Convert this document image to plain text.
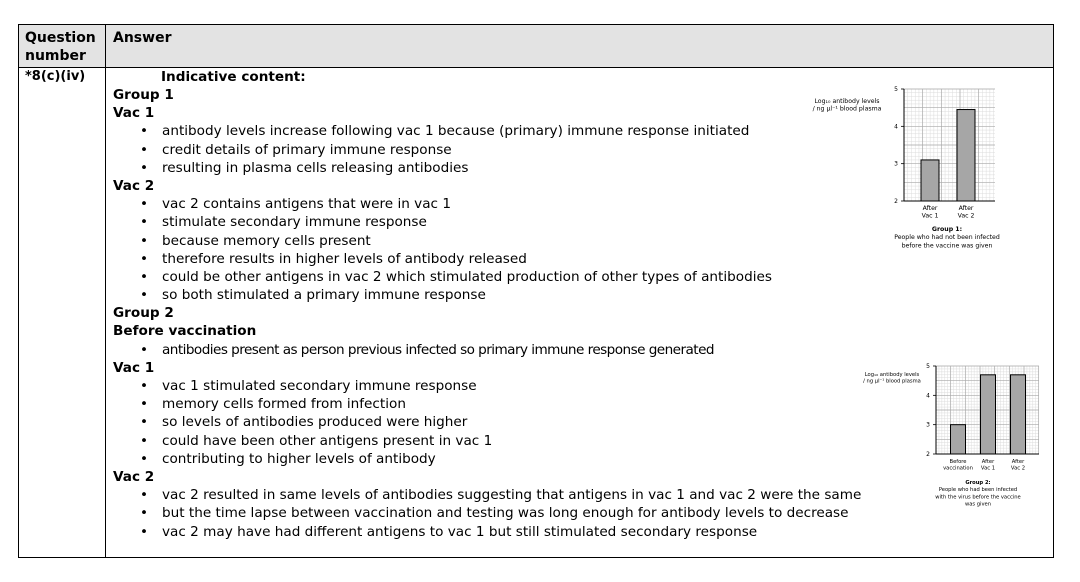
Question number
Answer
*8(c)(iv)	Indicative content:
Group 1
Vac 1
• antibody levels increase following vac 1 because (primary) immune response initiated
• credit details of primary immune response
• resulting in plasma cells releasing antibodies
Vac 2
• vac 2 contains antigens that were in vac 1
• stimulate secondary immune response
• because memory cells present
• therefore results in higher levels of antibody released
• could be other antigens in vac 2 which stimulated production of other types of antibodies
• so both stimulated a primary immune response
Group 2
Before vaccination
• antibodies present as person previous infected so primary immune response generated
Vac 1
• vac 1 stimulated secondary immune response
• memory cells formed from infection
• so levels of antibodies produced were higher
• could have been other antigens present in vac 1
• contributing to higher levels of antibody
Vac 2
• vac 2 resulted in same levels of antibodies suggesting that antigens in vac 1 and vac 2 were the same
• but the time lapse between vaccination and testing was long enough for antibody levels to decrease
• vac 2 may have had different antigens to vac 1 but still stimulated secondary response
2
3
4
5
Log₁₀ antibody levels
/ ng μl⁻¹ blood plasma
After
Vac 1
After
Vac 2
Group 1:
People who had not been infected
before the vaccine was given
2
3
4
5
Log₁₀ antibody levels
/ ng μl⁻¹ blood plasma
Before
vaccination
After
Vac 1
After
Vac 2
Group 2:
People who had been infected
with the virus before the vaccine
was given
